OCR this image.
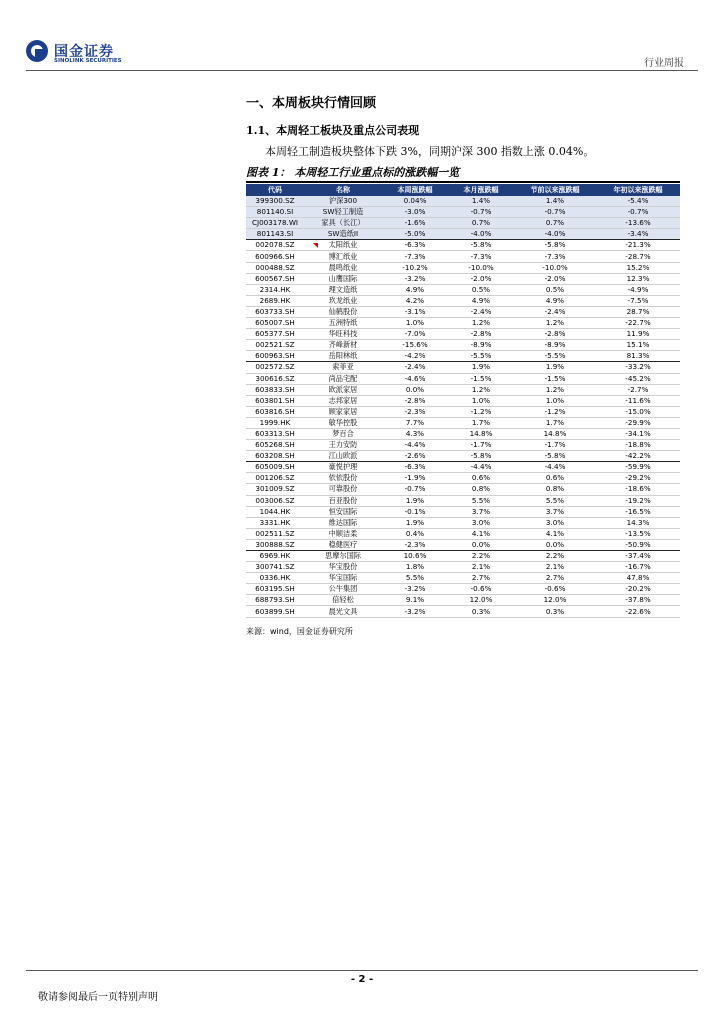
国金证券
SINOLINK SECURITIES	行业周报
一、本周板块行情回顾
1.1、本周轻工板块及重点公司表现
本周轻工制造板块整体下跌 3%，同期沪深 300 指数上涨 0.04%。
图表 1： 本周轻工行业重点标的涨跌幅一览
代码	名称	本周涨跌幅	本月涨跌幅	节前以来涨跌幅	年初以来涨跌幅
399300.SZ	沪深300	0.04%	1.4%	1.4%	-5.4%
801140.SI	SW轻工制造	-3.0%	-0.7%	-0.7%	-0.7%
CJ003178.WI	家具（长江）	-1.6%	0.7%	0.7%	-13.6%
801143.SI	SW造纸II	-5.0%	-4.0%	-4.0%	-3.4%
002078.SZ	太阳纸业	-6.3%	-5.8%	-5.8%	-21.3%
600966.SH	博汇纸业	-7.3%	-7.3%	-7.3%	-28.7%
000488.SZ	晨鸣纸业	-10.2%	-10.0%	-10.0%	15.2%
600567.SH	山鹰国际	-3.2%	-2.0%	-2.0%	12.3%
2314.HK	理文造纸	4.9%	0.5%	0.5%	-4.9%
2689.HK	玖龙纸业	4.2%	4.9%	4.9%	-7.5%
603733.SH	仙鹤股份	-3.1%	-2.4%	-2.4%	28.7%
605007.SH	五洲特纸	1.0%	1.2%	1.2%	-22.7%
605377.SH	华旺科技	-7.0%	-2.8%	-2.8%	11.9%
002521.SZ	齐峰新材	-15.6%	-8.9%	-8.9%	15.1%
600963.SH	岳阳林纸	-4.2%	-5.5%	-5.5%	81.3%
002572.SZ	索菲亚	-2.4%	1.9%	1.9%	-33.2%
300616.SZ	尚品宅配	-4.6%	-1.5%	-1.5%	-45.2%
603833.SH	欧派家居	0.0%	1.2%	1.2%	-2.7%
603801.SH	志邦家居	-2.8%	1.0%	1.0%	-11.6%
603816.SH	顾家家居	-2.3%	-1.2%	-1.2%	-15.0%
1999.HK	敏华控股	7.7%	1.7%	1.7%	-29.9%
603313.SH	梦百合	4.3%	14.8%	14.8%	-34.1%
605268.SH	王力安防	-4.4%	-1.7%	-1.7%	-18.8%
603208.SH	江山欧派	-2.6%	-5.8%	-5.8%	-42.2%
605009.SH	豪悦护理	-6.3%	-4.4%	-4.4%	-59.9%
001206.SZ	依依股份	-1.9%	0.6%	0.6%	-29.2%
301009.SZ	可靠股份	-0.7%	0.8%	0.8%	-18.6%
003006.SZ	百亚股份	1.9%	5.5%	5.5%	-19.2%
1044.HK	恒安国际	-0.1%	3.7%	3.7%	-16.5%
3331.HK	维达国际	1.9%	3.0%	3.0%	14.3%
002511.SZ	中顺洁柔	0.4%	4.1%	4.1%	-13.5%
300888.SZ	稳健医疗	-2.3%	0.0%	0.0%	-50.9%
6969.HK	思摩尔国际	10.6%	2.2%	2.2%	-37.4%
300741.SZ	华宝股份	1.8%	2.1%	2.1%	-16.7%
0336.HK	华宝国际	5.5%	2.7%	2.7%	47.8%
603195.SH	公牛集团	-3.2%	-0.6%	-0.6%	-20.2%
688793.SH	倍轻松	9.1%	12.0%	12.0%	-37.8%
603899.SH	晨光文具	-3.2%	0.3%	0.3%	-22.6%
来源：wind，国金证券研究所
- 2 -
敬请参阅最后一页特别声明
